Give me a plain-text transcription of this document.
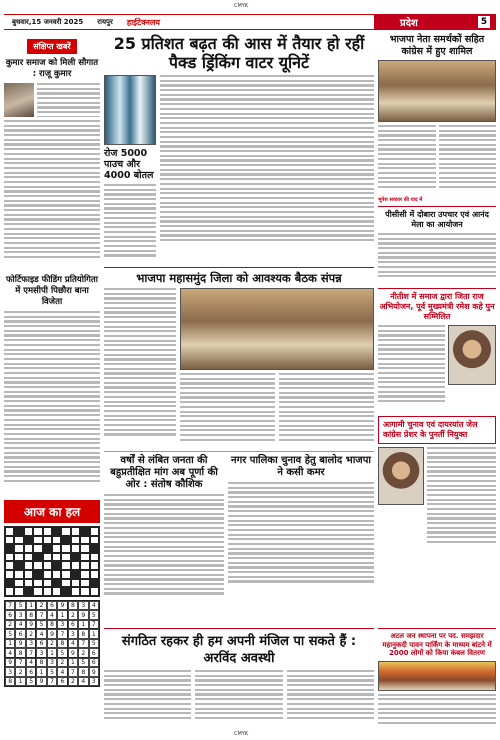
CMYK
बुधवार,15 जनवरी 2025 रायपुर हाईटेक्नलय	प्रदेश	5
संक्षिप्त खबरें
कुमार समाज को मिली सौगात : राजू कुमार
फोर्टिफाइड फीडिंग प्रतियोगिता में एमसीपी पिछौरा बाना विजेता
आज का हल
7	5	1	2	6	9	8	3	4
6	3	8	7	4	1	2	9	5
2	4	9	5	8	3	6	1	7
5	6	2	4	9	7	3	8	1
1	9	3	6	2	8	4	7	5
4	8	7	3	1	5	9	2	6
9	7	4	8	3	2	1	5	6
3	2	6	1	5	4	7	8	9
8	1	5	9	7	6	2	4	3
25 प्रतिशत बढ़त की आस में तैयार हो रहीं पैक्ड ड्रिंकिंग वाटर यूनिटें
रोज 5000 पाउच और 4000 बोतल
भाजपा महासमुंद जिला को आवश्यक बैठक संपन्न
वर्षों से लंबित जनता की बहुप्रतीक्षित मांग अब पूर्णा की ओर : संतोष कौशिक
नगर पालिका चुनाव हेतु बालोद भाजपा ने कसी कमर
भाजपा नेता समर्थकों सहित कांग्रेस में हुए शामिल
भूपेश सरकार की याद में
पीसीसी में दोबारा उपचार एवं आनंद मेला का आयोजन
नीतीश में समाज द्वारा जिता राज अभियोजन, पूर्व मुख्यमंत्री रमेश कहे पुन सम्मिलित
आगामी चुनाव एवं दायरयांत जेल कांग्रेस प्रेशर के पुनर्ती नियुक्त
संगठित रहकर ही हम अपनी मंजिल पा सकते हैं : अरविंद अवस्थी
अटल जन स्थापना पर पद. समझदार महानुकदी पावन पार्किंग के माध्यम बांटने में 2000 लोगों को किया कंबल वितरण
CMYK
